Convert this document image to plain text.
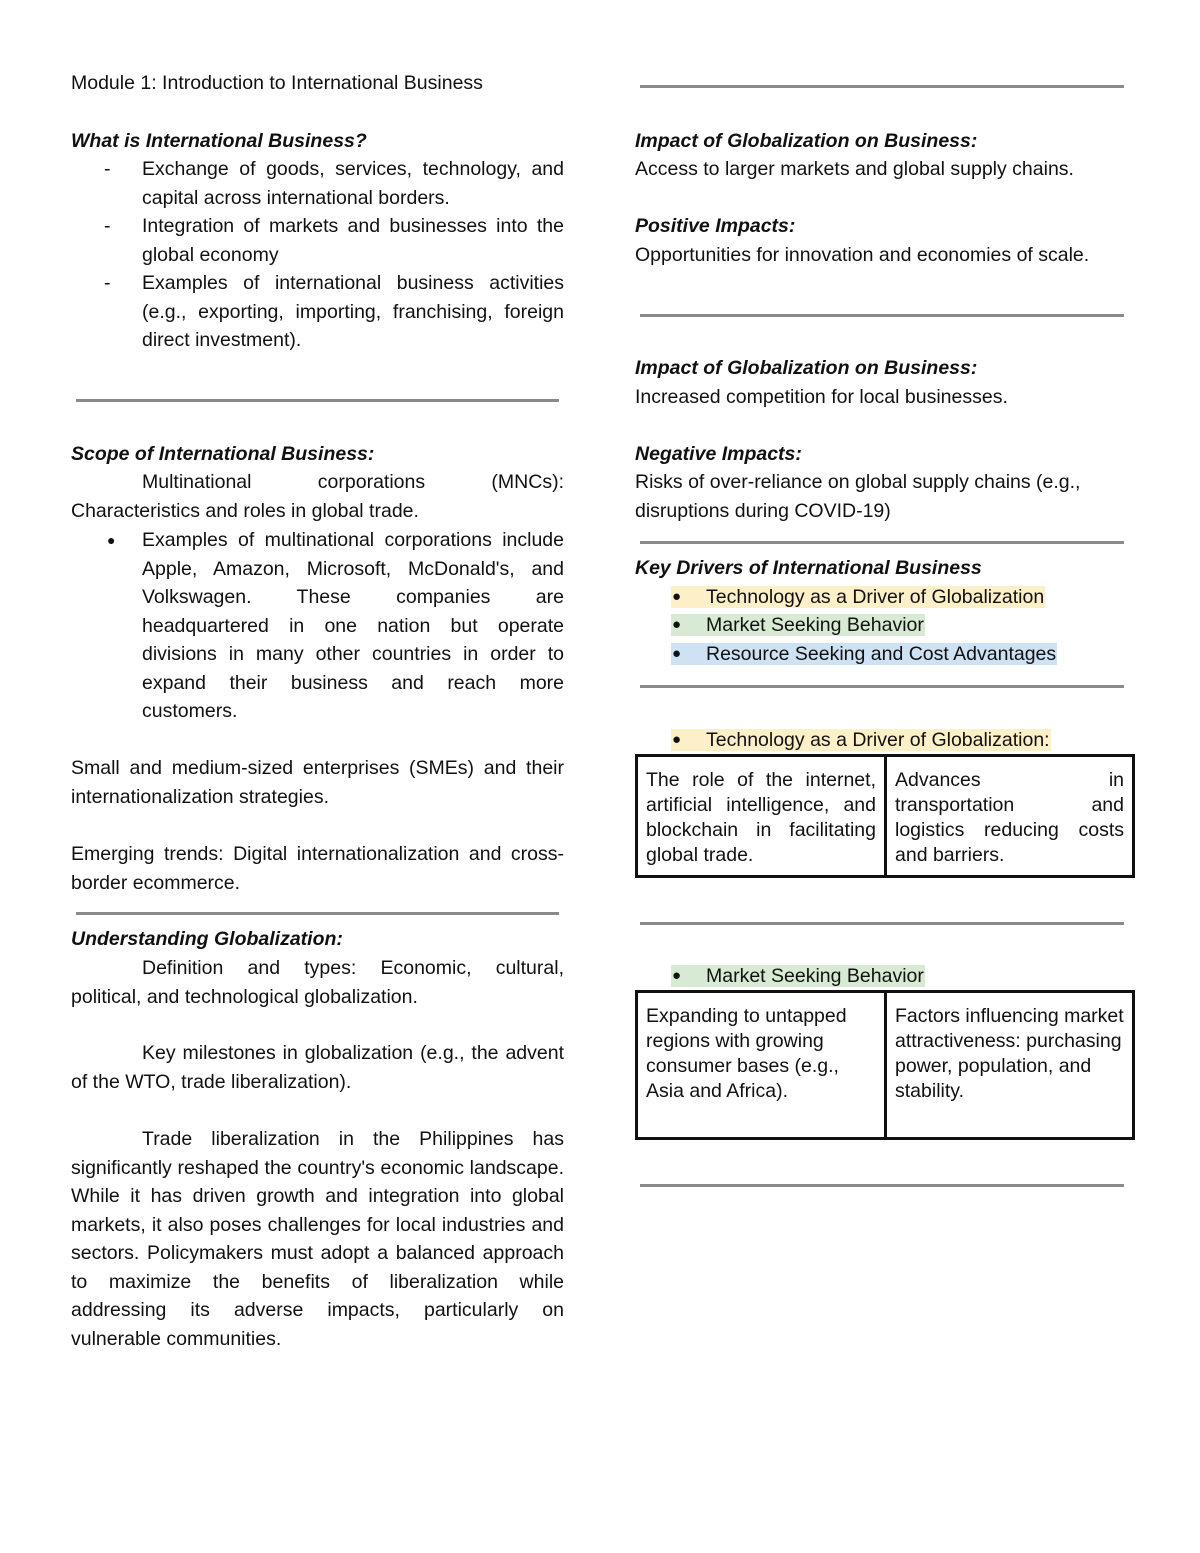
Module 1: Introduction to International Business

What is International Business?

- Exchange of goods, services, technology, and capital across international borders.
- Integration of markets and businesses into the global economy
- Examples of international business activities (e.g., exporting, importing, franchising, foreign direct investment).

Scope of International Business:

Multinational corporations (MNCs): Characteristics and roles in global trade.

● Examples of multinational corporations include Apple, Amazon, Microsoft, McDonald's, and Volkswagen. These companies are headquartered in one nation but operate divisions in many other countries in order to expand their business and reach more customers.

Small and medium-sized enterprises (SMEs) and their internationalization strategies.

Emerging trends: Digital internationalization and cross-border ecommerce.

Understanding Globalization:

Definition and types: Economic, cultural, political, and technological globalization.

Key milestones in globalization (e.g., the advent of the WTO, trade liberalization).

Trade liberalization in the Philippines has significantly reshaped the country's economic landscape. While it has driven growth and integration into global markets, it also poses challenges for local industries and sectors. Policymakers must adopt a balanced approach to maximize the benefits of liberalization while addressing its adverse impacts, particularly on vulnerable communities.

Impact of Globalization on Business:

Access to larger markets and global supply chains.

Positive Impacts:

Opportunities for innovation and economies of scale.

Impact of Globalization on Business:

Increased competition for local businesses.

Negative Impacts:

Risks of over-reliance on global supply chains (e.g., disruptions during COVID-19)

Key Drivers of International Business

● Technology as a Driver of Globalization
● Market Seeking Behavior
● Resource Seeking and Cost Advantages
● Technology as a Driver of Globalization:
The role of the internet, artificial intelligence, and blockchain in facilitating global trade.	Advances in transportation and logistics reducing costs and barriers.
● Market Seeking Behavior
Expanding to untapped regions with growing consumer bases (e.g., Asia and Africa).	Factors influencing market attractiveness: purchasing power, population, and stability.
